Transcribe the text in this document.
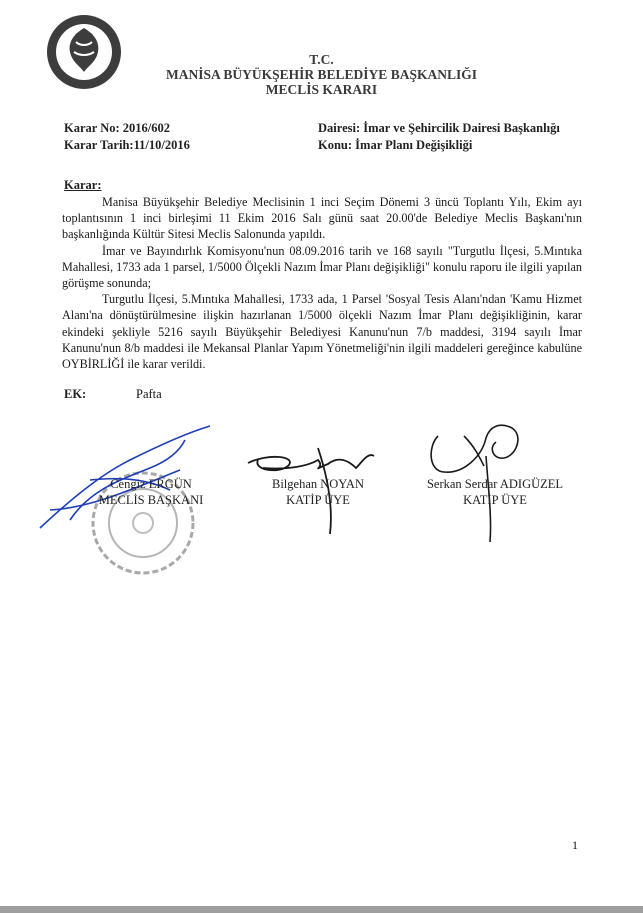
T.C.
MANİSA BÜYÜKŞEHİR BELEDİYE BAŞKANLIĞI
MECLİS KARARI
Karar No: 2016/602
Karar Tarih:11/10/2016
Dairesi: İmar ve Şehircilik Dairesi Başkanlığı
Konu: İmar Planı Değişikliği
Karar:

Manisa Büyükşehir Belediye Meclisinin 1 inci Seçim Dönemi 3 üncü Toplantı Yılı, Ekim ayı toplantısının 1 inci birleşimi 11 Ekim 2016 Salı günü saat 20.00'de Belediye Meclis Başkanı'nın başkanlığında Kültür Sitesi Meclis Salonunda yapıldı.

İmar ve Bayındırlık Komisyonu'nun 08.09.2016 tarih ve 168 sayılı "Turgutlu İlçesi, 5.Mıntıka Mahallesi, 1733 ada 1 parsel, 1/5000 Ölçekli Nazım İmar Planı değişikliği" konulu raporu ile ilgili yapılan görüşme sonunda;

Turgutlu İlçesi, 5.Mıntıka Mahallesi, 1733 ada, 1 Parsel 'Sosyal Tesis Alanı'ndan 'Kamu Hizmet Alanı'na dönüştürülmesine ilişkin hazırlanan 1/5000 ölçekli Nazım İmar Planı değişikliğinin, karar ekindeki şekliyle 5216 sayılı Büyükşehir Belediyesi Kanunu'nun 7/b maddesi, 3194 sayılı İmar Kanunu'nun 8/b maddesi ile Mekansal Planlar Yapım Yönetmeliği'nin ilgili maddeleri gereğince kabulüne OYBİRLİĞİ ile karar verildi.

EK:	Pafta
Cengiz ERGÜN
MECLİS BAŞKANI
Bilgehan NOYAN
KATİP ÜYE
Serkan Serdar ADIGÜZEL
KATİP ÜYE
1
